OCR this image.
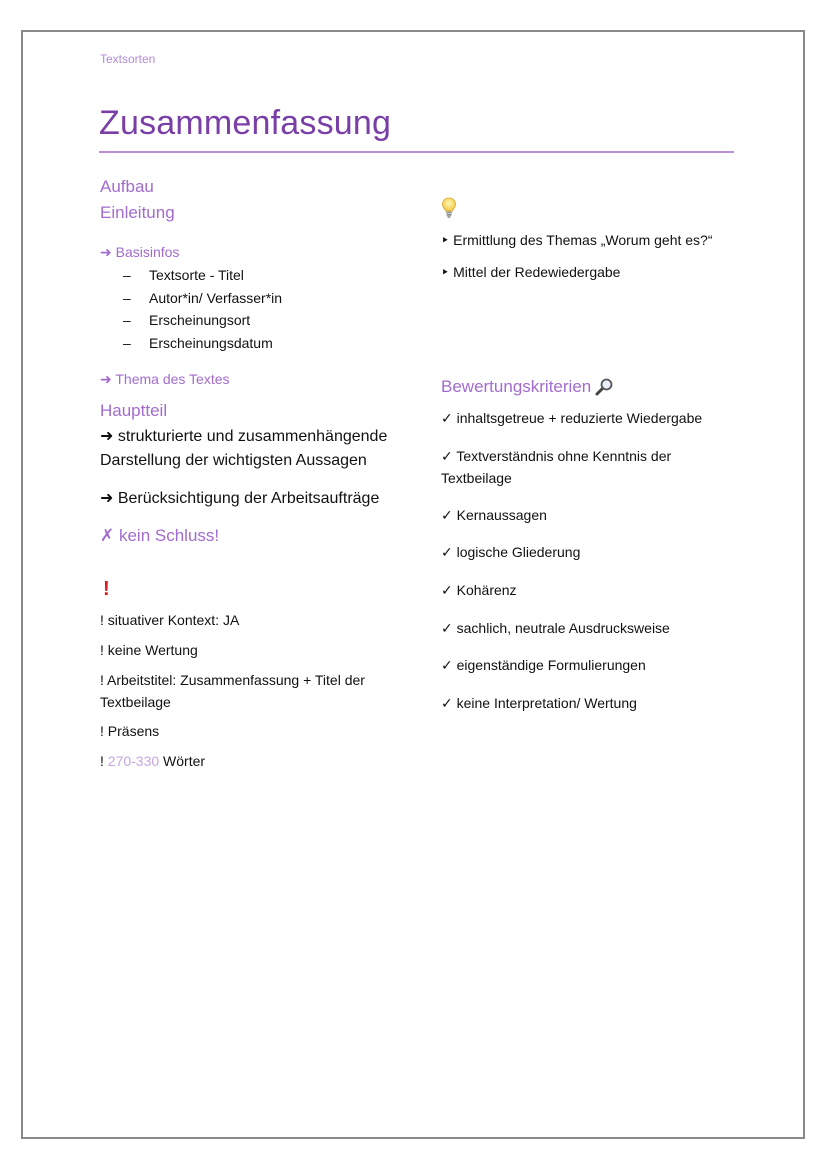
Textsorten
Zusammenfassung
Aufbau
Einleitung
➜ Basisinfos
–	Textsorte - Titel
–	Autor*in/ Verfasser*in
–	Erscheinungsort
–	Erscheinungsdatum
➜ Thema des Textes
Hauptteil
➜ strukturierte und zusammenhängende
Darstellung der wichtigsten Aussagen
➜ Berücksichtigung der Arbeitsaufträge
✗ kein Schluss!
!
! situativer Kontext: JA
! keine Wertung
! Arbeitstitel: Zusammenfassung + Titel der Textbeilage
! Präsens
! 270-330 Wörter
‣ Ermittlung des Themas „Worum geht es?“
‣ Mittel der Redewiedergabe
Bewertungskriterien
✓ inhaltsgetreue + reduzierte Wiedergabe
✓ Textverständnis ohne Kenntnis der Textbeilage
✓ Kernaussagen
✓ logische Gliederung
✓ Kohärenz
✓ sachlich, neutrale Ausdrucksweise
✓ eigenständige Formulierungen
✓ keine Interpretation/ Wertung
